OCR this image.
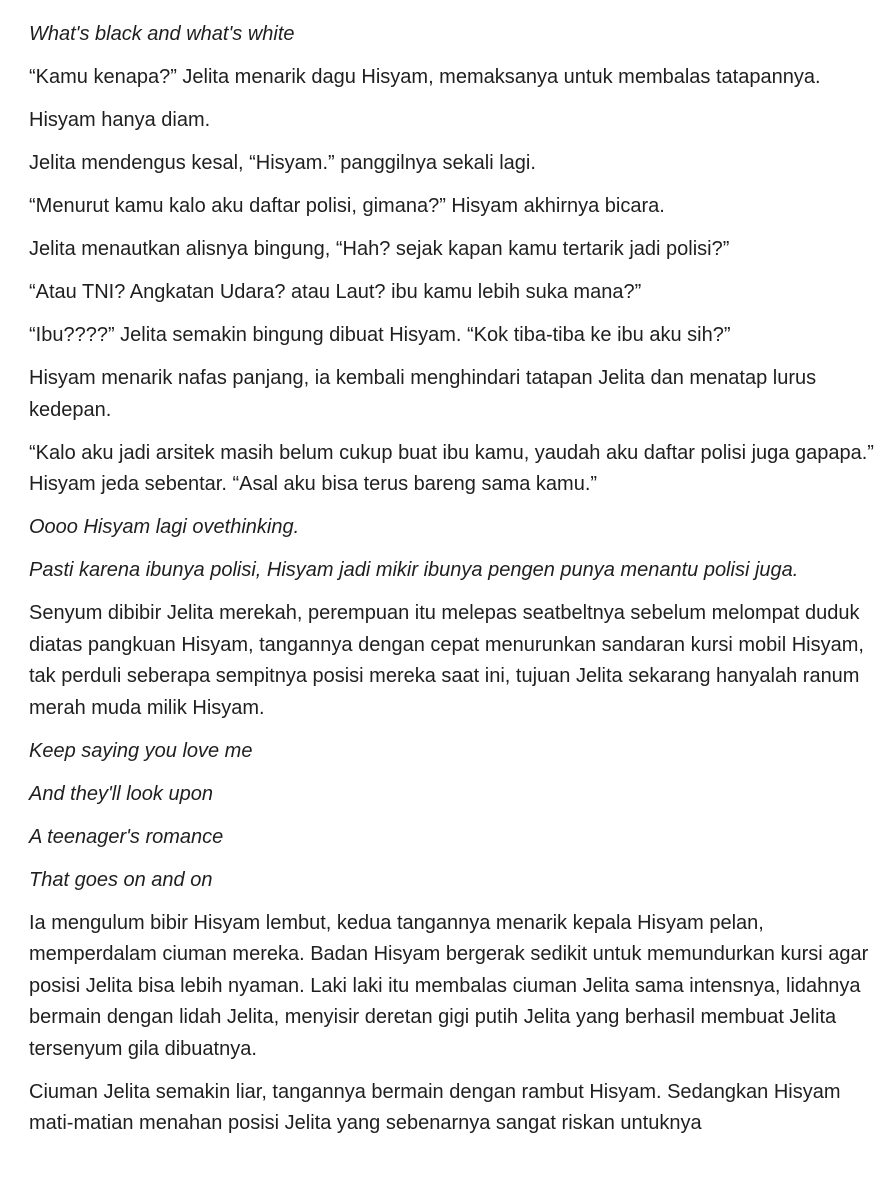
What's black and what's white

“Kamu kenapa?” Jelita menarik dagu Hisyam, memaksanya untuk membalas tatapannya.

Hisyam hanya diam.

Jelita mendengus kesal, “Hisyam.” panggilnya sekali lagi.

“Menurut kamu kalo aku daftar polisi, gimana?” Hisyam akhirnya bicara.

Jelita menautkan alisnya bingung, “Hah? sejak kapan kamu tertarik jadi polisi?”

“Atau TNI? Angkatan Udara? atau Laut? ibu kamu lebih suka mana?”

“Ibu????” Jelita semakin bingung dibuat Hisyam. “Kok tiba-tiba ke ibu aku sih?”

Hisyam menarik nafas panjang, ia kembali menghindari tatapan Jelita dan menatap lurus kedepan.

“Kalo aku jadi arsitek masih belum cukup buat ibu kamu, yaudah aku daftar polisi juga gapapa.” Hisyam jeda sebentar. “Asal aku bisa terus bareng sama kamu.”

Oooo Hisyam lagi ovethinking.

Pasti karena ibunya polisi, Hisyam jadi mikir ibunya pengen punya menantu polisi juga.

Senyum dibibir Jelita merekah, perempuan itu melepas seatbeltnya sebelum melompat duduk diatas pangkuan Hisyam, tangannya dengan cepat menurunkan sandaran kursi mobil Hisyam, tak perduli seberapa sempitnya posisi mereka saat ini, tujuan Jelita sekarang hanyalah ranum merah muda milik Hisyam.

Keep saying you love me

And they'll look upon

A teenager's romance

That goes on and on

Ia mengulum bibir Hisyam lembut, kedua tangannya menarik kepala Hisyam pelan, memperdalam ciuman mereka. Badan Hisyam bergerak sedikit untuk memundurkan kursi agar posisi Jelita bisa lebih nyaman. Laki laki itu membalas ciuman Jelita sama intensnya, lidahnya bermain dengan lidah Jelita, menyisir deretan gigi putih Jelita yang berhasil membuat Jelita tersenyum gila dibuatnya.

Ciuman Jelita semakin liar, tangannya bermain dengan rambut Hisyam. Sedangkan Hisyam mati-matian menahan posisi Jelita yang sebenarnya sangat riskan untuknya
